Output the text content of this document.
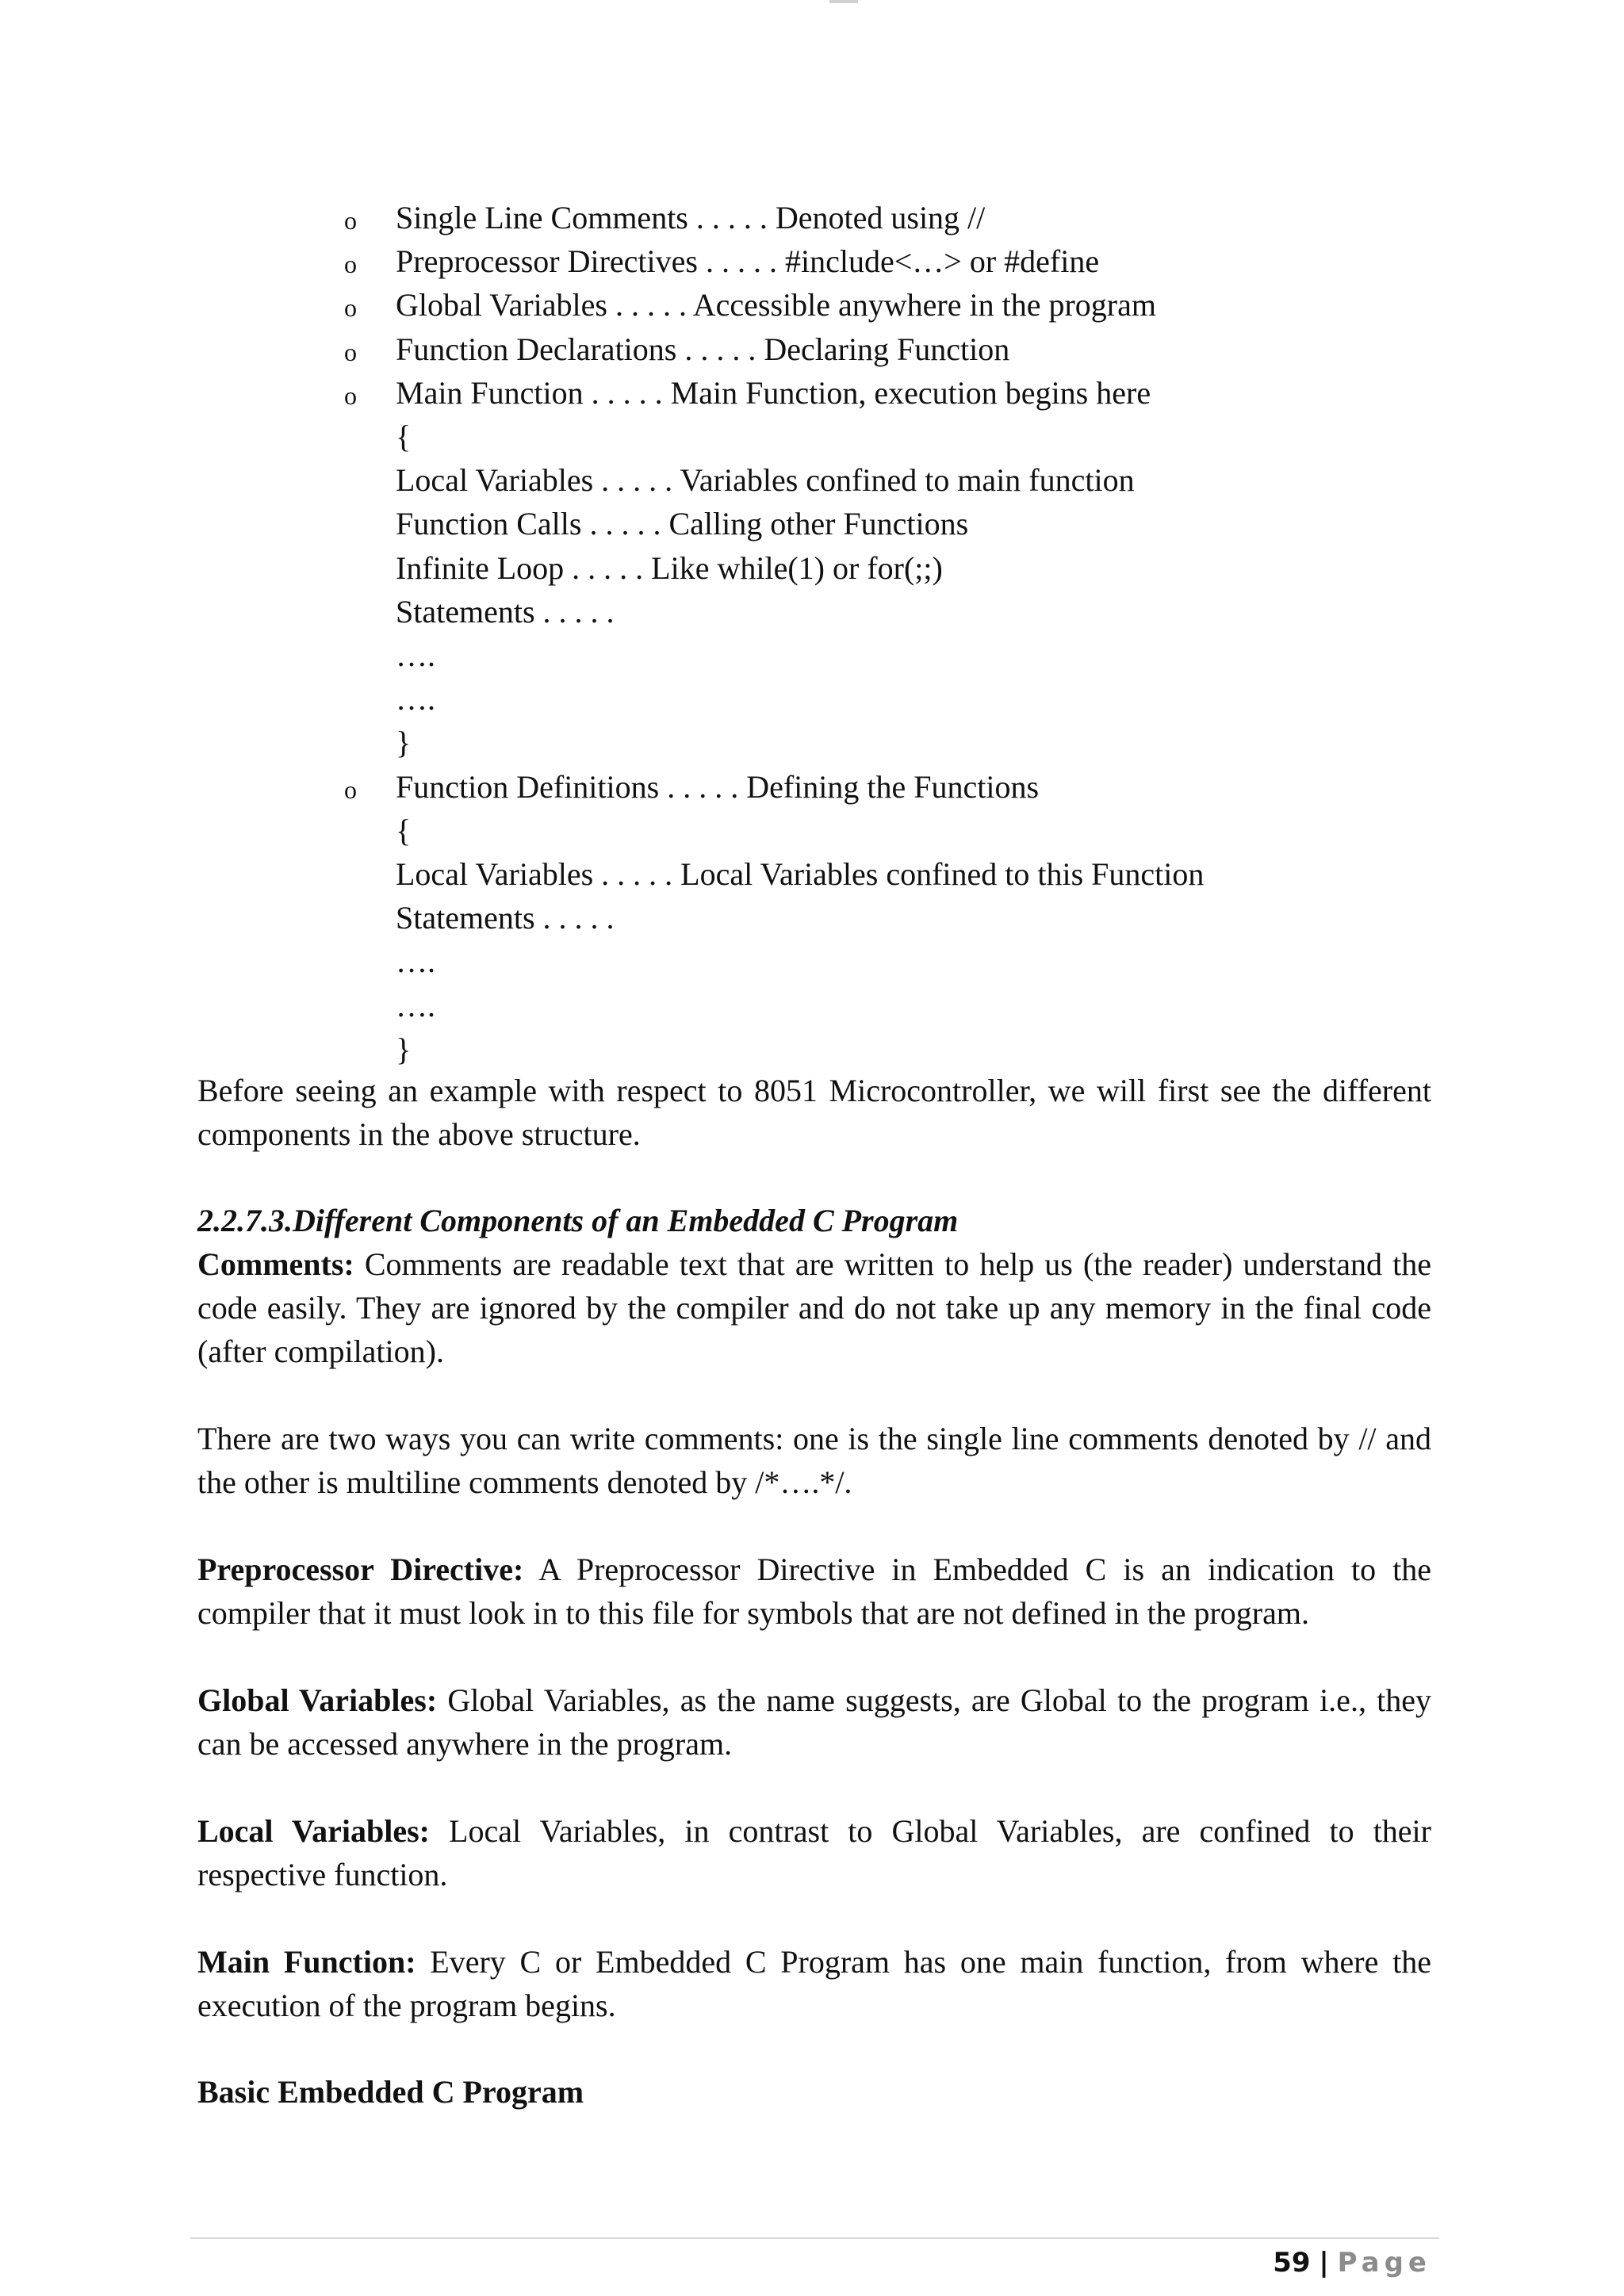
o Single Line Comments . . . . . Denoted using //
o Preprocessor Directives . . . . . #include<…> or #define
o Global Variables . . . . . Accessible anywhere in the program
o Function Declarations . . . . . Declaring Function
o Main Function . . . . . Main Function, execution begins here
{
Local Variables . . . . . Variables confined to main function
Function Calls . . . . . Calling other Functions
Infinite Loop . . . . . Like while(1) or for(;;)
Statements . . . . .
….
….
}
o Function Definitions . . . . . Defining the Functions
{
Local Variables . . . . . Local Variables confined to this Function
Statements . . . . .
….
….
}
Before seeing an example with respect to 8051 Microcontroller, we will first see the different components in the above structure.
2.2.7.3.Different Components of an Embedded C Program
Comments: Comments are readable text that are written to help us (the reader) understand the code easily. They are ignored by the compiler and do not take up any memory in the final code (after compilation).
There are two ways you can write comments: one is the single line comments denoted by // and the other is multiline comments denoted by /*….*/.
Preprocessor Directive: A Preprocessor Directive in Embedded C is an indication to the compiler that it must look in to this file for symbols that are not defined in the program.
Global Variables: Global Variables, as the name suggests, are Global to the program i.e., they can be accessed anywhere in the program.
Local Variables: Local Variables, in contrast to Global Variables, are confined to their respective function.
Main Function: Every C or Embedded C Program has one main function, from where the execution of the program begins.
Basic Embedded C Program
59 | Page
